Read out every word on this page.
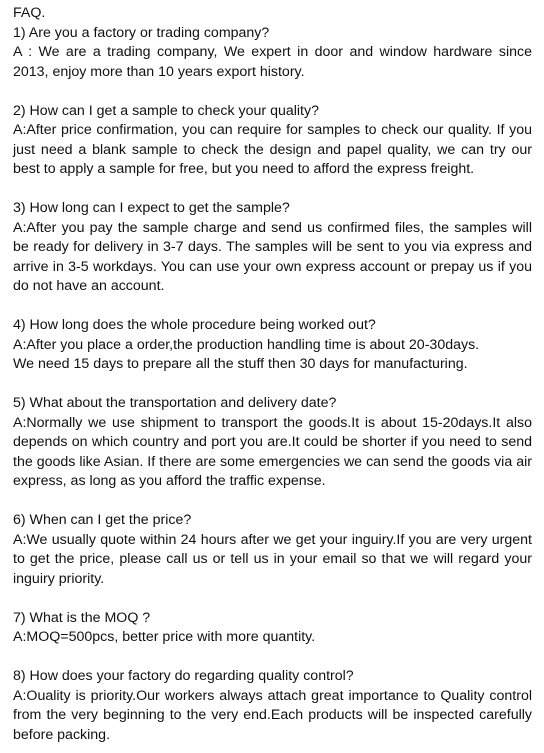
FAQ.

1) Are you a factory or trading company?

A : We are a trading company, We expert in door and window hardware since 2013, enjoy more than 10 years export history.

2) How can I get a sample to check your quality?

A:After price confirmation, you can require for samples to check our quality. If you just need a blank sample to check the design and papel quality, we can try our best to apply a sample for free, but you need to afford the express freight.

3) How long can I expect to get the sample?

A:After you pay the sample charge and send us confirmed files, the samples will be ready for delivery in 3-7 days. The samples will be sent to you via express and arrive in 3-5 workdays. You can use your own express account or prepay us if you do not have an account.

4) How long does the whole procedure being worked out?

A:After you place a order,the production handling time is about 20-30days.

We need 15 days to prepare all the stuff then 30 days for manufacturing.

5) What about the transportation and delivery date?

A:Normally we use shipment to transport the goods.It is about 15-20days.It also depends on which country and port you are.It could be shorter if you need to send the goods like Asian. If there are some emergencies we can send the goods via air express, as long as you afford the traffic expense.

6) When can I get the price?

A:We usually quote within 24 hours after we get your inguiry.If you are very urgent to get the price, please call us or tell us in your email so that we will regard your inguiry priority.

7) What is the MOQ ?

A:MOQ=500pcs, better price with more quantity.

8) How does your factory do regarding quality control?

A:Ouality is priority.Our workers always attach great importance to Quality control from the very beginning to the very end.Each products will be inspected carefully before packing.
